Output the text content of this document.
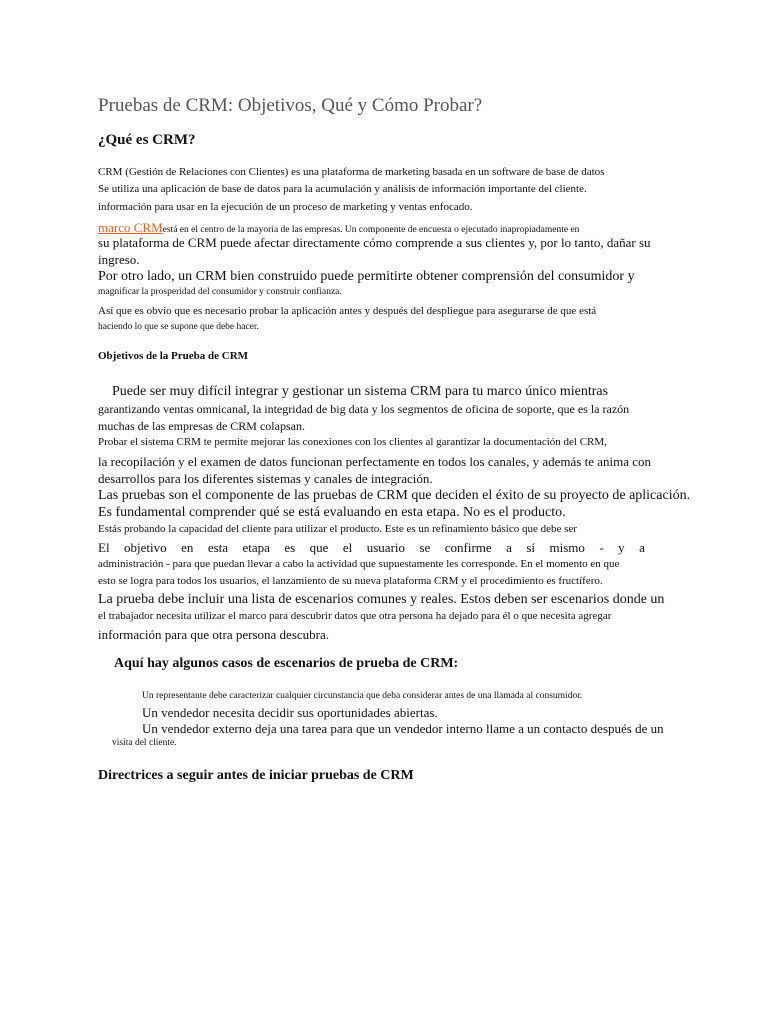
Pruebas de CRM: Objetivos, Qué y Cómo Probar?
¿Qué es CRM?
CRM (Gestión de Relaciones con Clientes) es una plataforma de marketing basada en un software de base de datos
Se utiliza una aplicación de base de datos para la acumulación y análisis de información importante del cliente.
información para usar en la ejecución de un proceso de marketing y ventas enfocado.
marco CRMestá en el centro de la mayoría de las empresas. Un componente de encuesta o ejecutado inapropiadamente en
su plataforma de CRM puede afectar directamente cómo comprende a sus clientes y, por lo tanto, dañar su
ingreso.
Por otro lado, un CRM bien construido puede permitirte obtener comprensión del consumidor y
magnificar la prosperidad del consumidor y construir confianza.
Así que es obvio que es necesario probar la aplicación antes y después del despliegue para asegurarse de que está
haciendo lo que se supone que debe hacer.
Objetivos de la Prueba de CRM
Puede ser muy difícil integrar y gestionar un sistema CRM para tu marco único mientras
garantizando ventas omnicanal, la integridad de big data y los segmentos de oficina de soporte, que es la razón
muchas de las empresas de CRM colapsan.
Probar el sistema CRM te permite mejorar las conexiones con los clientes al garantizar la documentación del CRM,
la recopilación y el examen de datos funcionan perfectamente en todos los canales, y además te anima con
desarrollos para los diferentes sistemas y canales de integración.
Las pruebas son el componente de las pruebas de CRM que deciden el éxito de su proyecto de aplicación.
Es fundamental comprender qué se está evaluando en esta etapa. No es el producto.
Estás probando la capacidad del cliente para utilizar el producto. Este es un refinamiento básico que debe ser
El objetivo en esta etapa es que el usuario se confirme a sí mismo - y a
administración - para que puedan llevar a cabo la actividad que supuestamente les corresponde. En el momento en que
esto se logra para todos los usuarios, el lanzamiento de su nueva plataforma CRM y el procedimiento es fructífero.
La prueba debe incluir una lista de escenarios comunes y reales. Estos deben ser escenarios donde un
el trabajador necesita utilizar el marco para descubrir datos que otra persona ha dejado para él o que necesita agregar
información para que otra persona descubra.
Aquí hay algunos casos de escenarios de prueba de CRM:
Un representante debe caracterizar cualquier circunstancia que deba considerar antes de una llamada al consumidor.
Un vendedor necesita decidir sus oportunidades abiertas.
Un vendedor externo deja una tarea para que un vendedor interno llame a un contacto después de un
visita del cliente.
Directrices a seguir antes de iniciar pruebas de CRM
